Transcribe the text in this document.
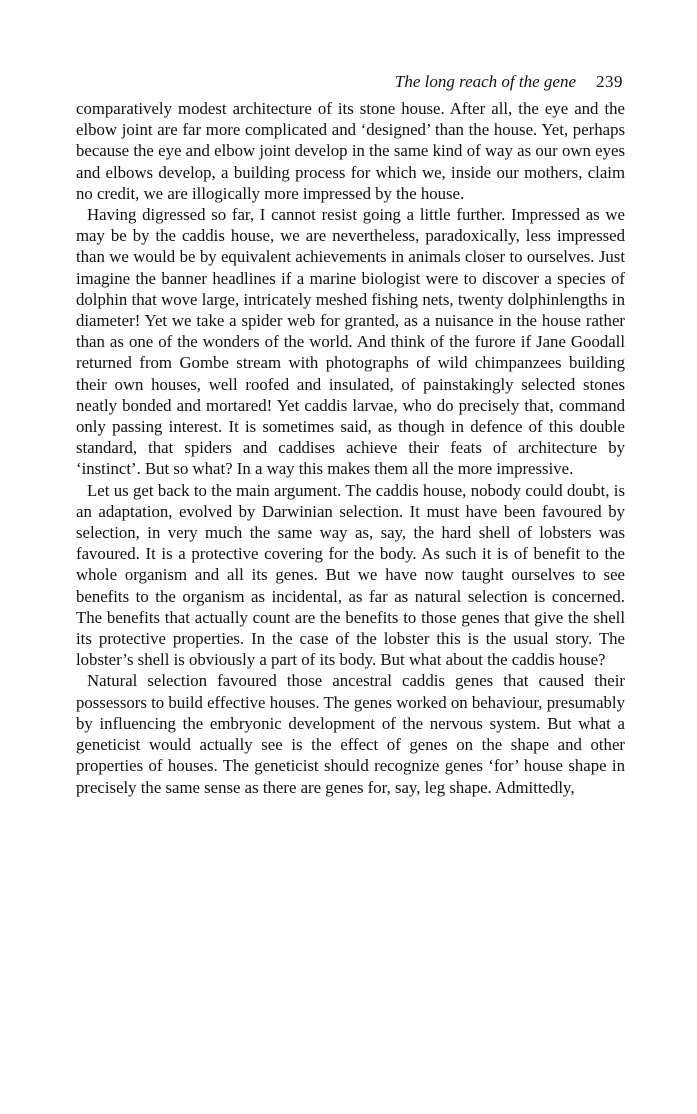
The long reach of the gene 239

comparatively modest architecture of its stone house. After all, the eye and the elbow joint are far more complicated and ‘designed’ than the house. Yet, perhaps because the eye and elbow joint develop in the same kind of way as our own eyes and elbows develop, a building process for which we, inside our mothers, claim no credit, we are illogically more impressed by the house.

Having digressed so far, I cannot resist going a little further. Impressed as we may be by the caddis house, we are nevertheless, paradoxically, less impressed than we would be by equivalent achievements in animals closer to ourselves. Just imagine the banner headlines if a marine biologist were to discover a species of dolphin that wove large, intricately meshed fishing nets, twenty dolphinlengths in diameter! Yet we take a spider web for granted, as a nuisance in the house rather than as one of the wonders of the world. And think of the furore if Jane Goodall returned from Gombe stream with photographs of wild chimpanzees building their own houses, well roofed and insulated, of painstakingly selected stones neatly bonded and mortared! Yet caddis larvae, who do precisely that, command only passing interest. It is sometimes said, as though in defence of this double standard, that spiders and caddises achieve their feats of architecture by ‘instinct’. But so what? In a way this makes them all the more impressive.

Let us get back to the main argument. The caddis house, nobody could doubt, is an adaptation, evolved by Darwinian selection. It must have been favoured by selection, in very much the same way as, say, the hard shell of lobsters was favoured. It is a protective covering for the body. As such it is of benefit to the whole organism and all its genes. But we have now taught ourselves to see benefits to the organism as incidental, as far as natural selection is concerned. The benefits that actually count are the benefits to those genes that give the shell its protective properties. In the case of the lobster this is the usual story. The lobster’s shell is obviously a part of its body. But what about the caddis house?

Natural selection favoured those ancestral caddis genes that caused their possessors to build effective houses. The genes worked on behaviour, presumably by influencing the embryonic development of the nervous system. But what a geneticist would actually see is the effect of genes on the shape and other properties of houses. The geneticist should recognize genes ‘for’ house shape in precisely the same sense as there are genes for, say, leg shape. Admittedly,
